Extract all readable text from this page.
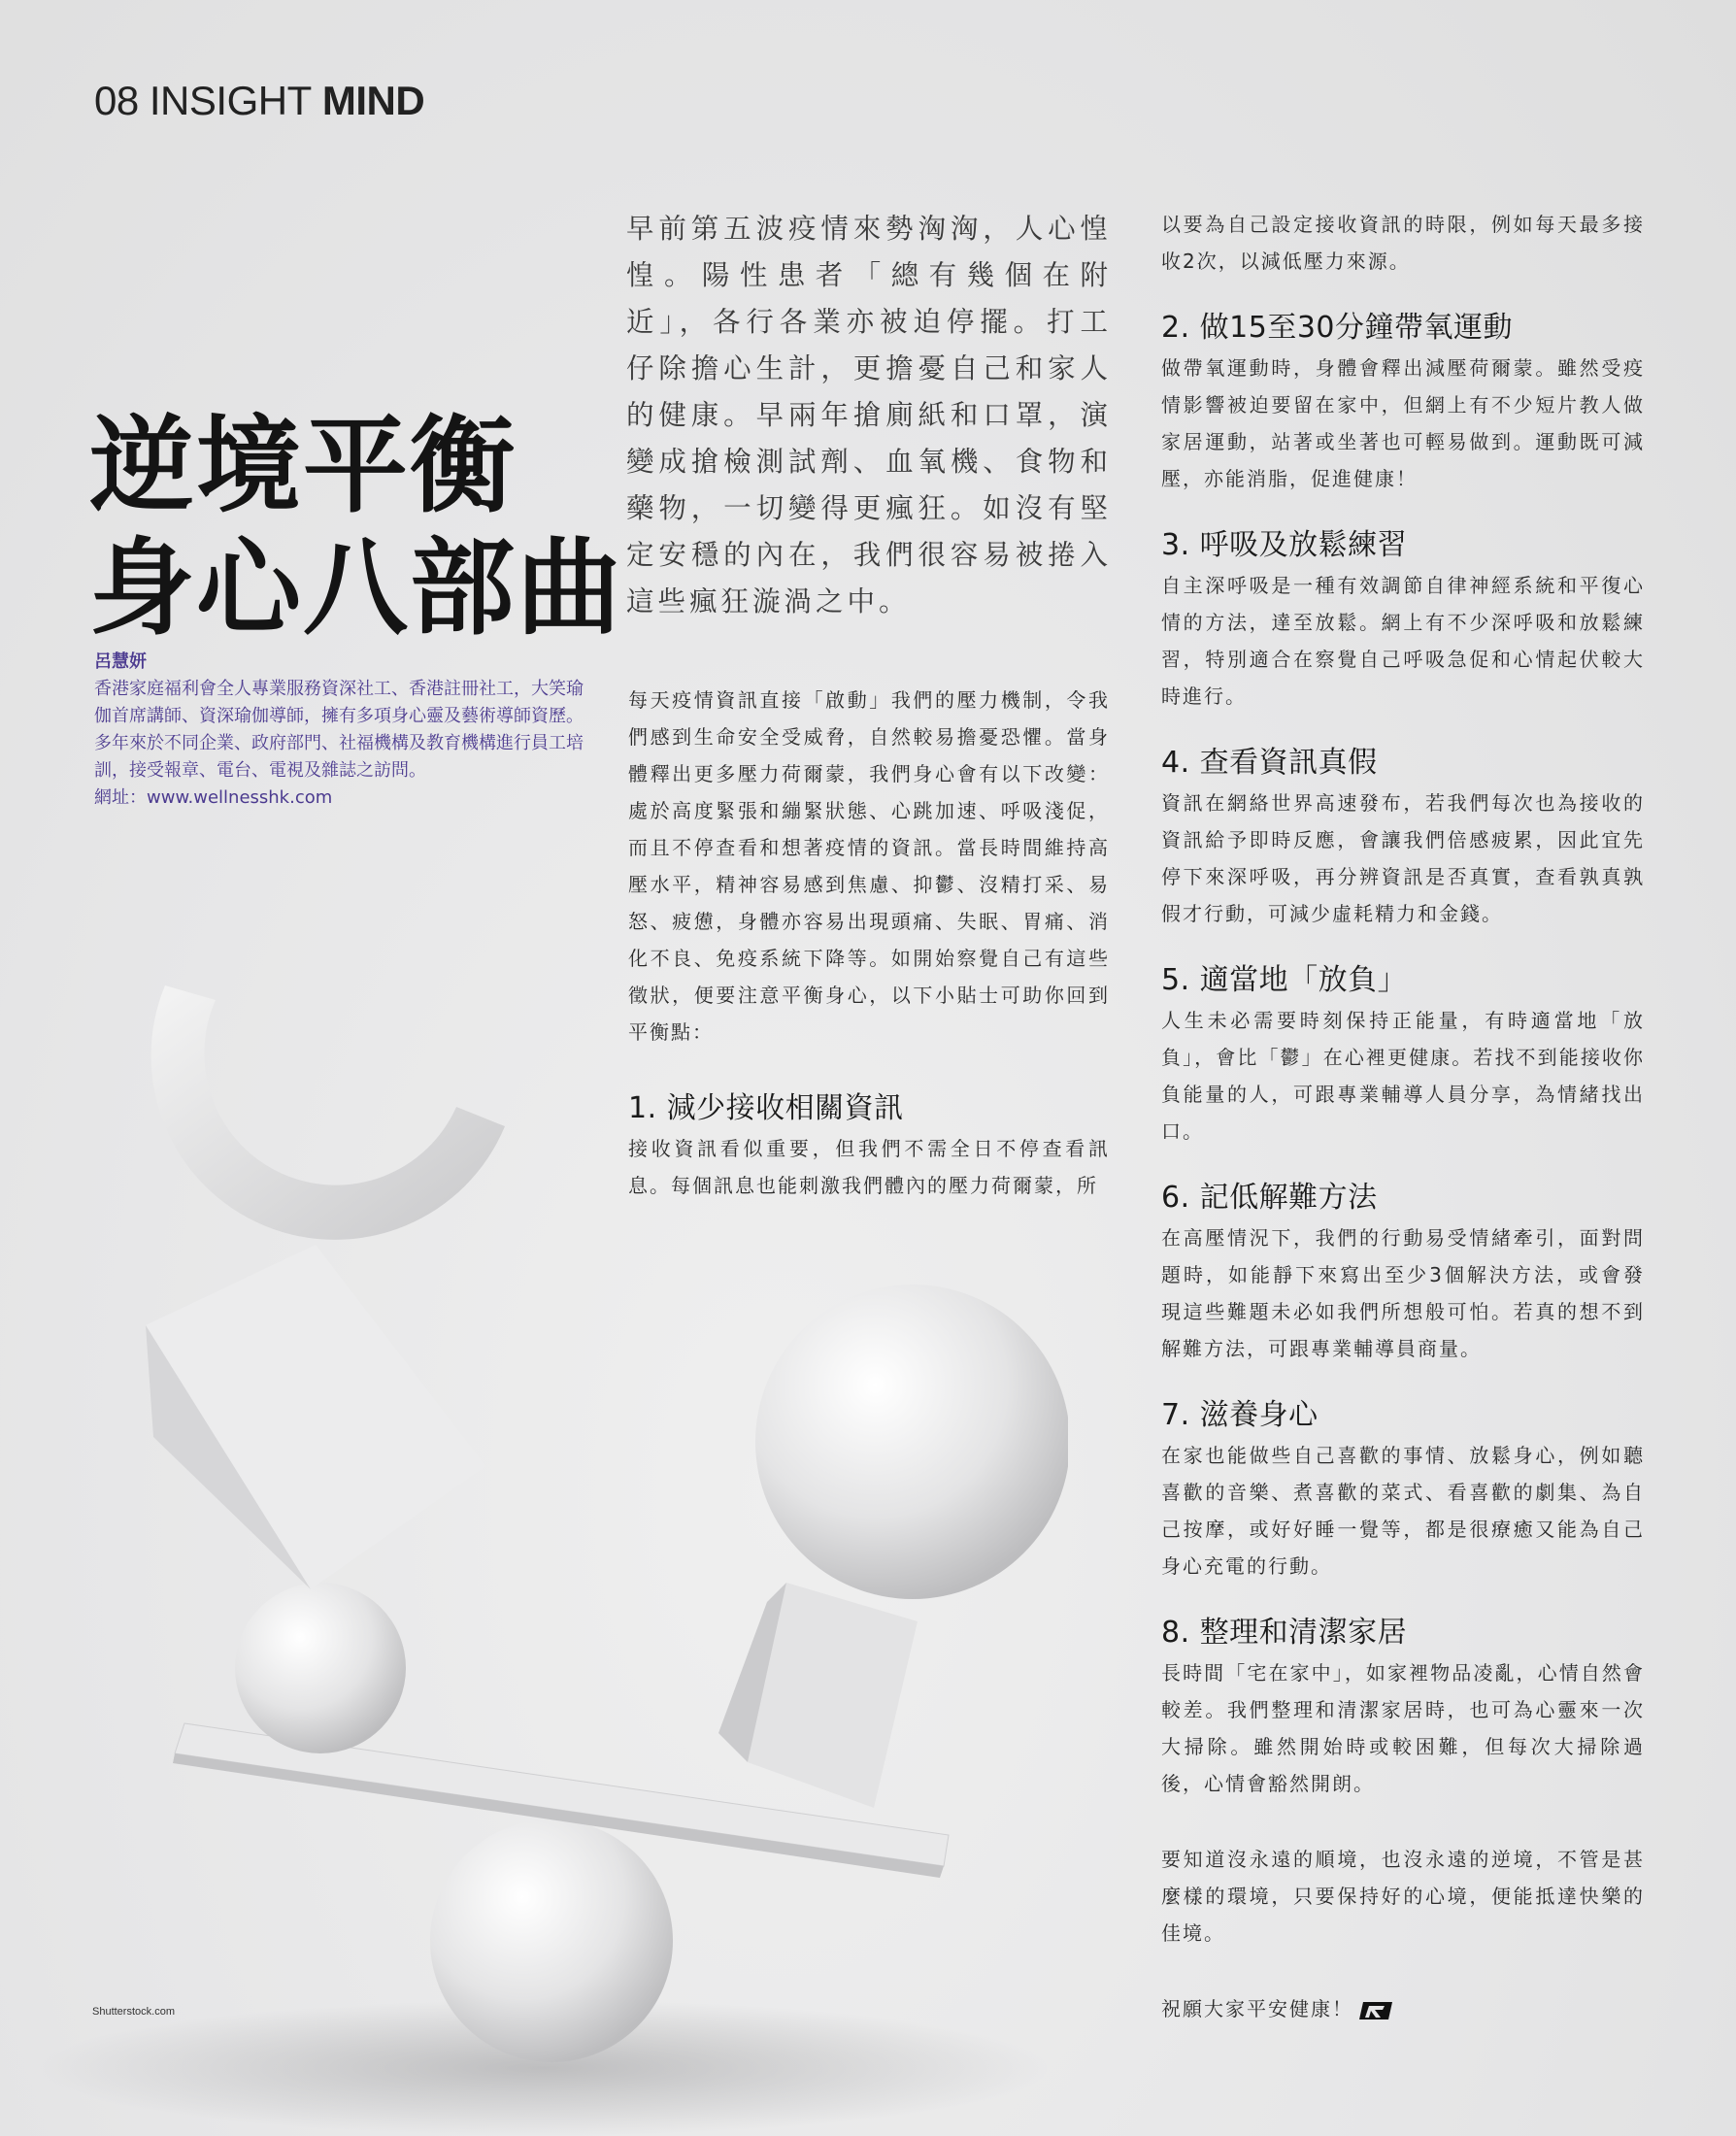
08 INSIGHT MIND
逆境平衡
身心八部曲
呂慧妍
香港家庭福利會全人專業服務資深社工、香港註冊社工，大笑瑜伽首席講師、資深瑜伽導師，擁有多項身心靈及藝術導師資歷。多年來於不同企業、政府部門、社福機構及教育機構進行員工培訓，接受報章、電台、電視及雜誌之訪問。
網址：www.wellnesshk.com
早前第五波疫情來勢洶洶，人心惶惶。陽性患者「總有幾個在附近」，各行各業亦被迫停擺。打工仔除擔心生計，更擔憂自己和家人的健康。早兩年搶廁紙和口罩，演變成搶檢測試劑、血氧機、食物和藥物，一切變得更瘋狂。如沒有堅定安穩的內在，我們很容易被捲入這些瘋狂漩渦之中。

每天疫情資訊直接「啟動」我們的壓力機制，令我們感到生命安全受威脅，自然較易擔憂恐懼。當身體釋出更多壓力荷爾蒙，我們身心會有以下改變：處於高度緊張和繃緊狀態、心跳加速、呼吸淺促，而且不停查看和想著疫情的資訊。當長時間維持高壓水平，精神容易感到焦慮、抑鬱、沒精打采、易怒、疲憊，身體亦容易出現頭痛、失眠、胃痛、消化不良、免疫系統下降等。如開始察覺自己有這些徵狀，便要注意平衡身心，以下小貼士可助你回到平衡點：

1. 減少接收相關資訊

接收資訊看似重要，但我們不需全日不停查看訊息。每個訊息也能刺激我們體內的壓力荷爾蒙，所

以要為自己設定接收資訊的時限，例如每天最多接收2次，以減低壓力來源。

2. 做15至30分鐘帶氧運動

做帶氧運動時，身體會釋出減壓荷爾蒙。雖然受疫情影響被迫要留在家中，但網上有不少短片教人做家居運動，站著或坐著也可輕易做到。運動既可減壓，亦能消脂，促進健康！

3. 呼吸及放鬆練習

自主深呼吸是一種有效調節自律神經系統和平復心情的方法，達至放鬆。網上有不少深呼吸和放鬆練習，特別適合在察覺自己呼吸急促和心情起伏較大時進行。

4. 查看資訊真假

資訊在網絡世界高速發布，若我們每次也為接收的資訊給予即時反應，會讓我們倍感疲累，因此宜先停下來深呼吸，再分辨資訊是否真實，查看孰真孰假才行動，可減少虛耗精力和金錢。

5. 適當地「放負」

人生未必需要時刻保持正能量，有時適當地「放負」，會比「鬱」在心裡更健康。若找不到能接收你負能量的人，可跟專業輔導人員分享，為情緒找出口。

6. 記低解難方法

在高壓情況下，我們的行動易受情緒牽引，面對問題時，如能靜下來寫出至少3個解決方法，或會發現這些難題未必如我們所想般可怕。若真的想不到解難方法，可跟專業輔導員商量。

7. 滋養身心

在家也能做些自己喜歡的事情、放鬆身心，例如聽喜歡的音樂、煮喜歡的菜式、看喜歡的劇集、為自己按摩，或好好睡一覺等，都是很療癒又能為自己身心充電的行動。

8. 整理和清潔家居

長時間「宅在家中」，如家裡物品凌亂，心情自然會較差。我們整理和清潔家居時，也可為心靈來一次大掃除。雖然開始時或較困難，但每次大掃除過後，心情會豁然開朗。

要知道沒永遠的順境，也沒永遠的逆境，不管是甚麼樣的環境，只要保持好的心境，便能抵達快樂的佳境。

祝願大家平安健康！

Shutterstock.com
